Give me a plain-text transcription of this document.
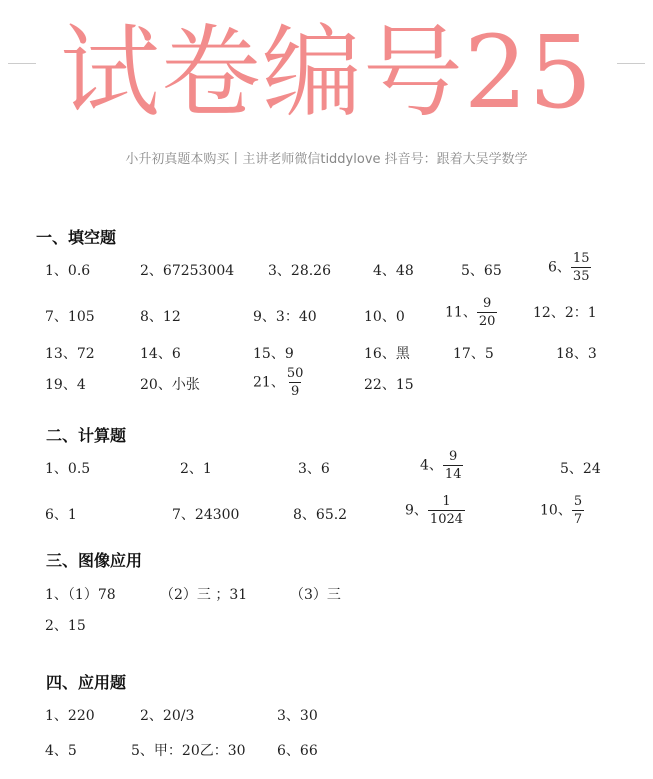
试卷编号25
小升初真题本购买丨主讲老师微信tiddylove 抖音号：跟着大吴学数学
一、填空题
1、0.6	2、67253004 3、28.26	4、48	5、65	6、 $\frac{15}{35}$
7、105	8、12	9、3：40	10、0	11、 $\frac{9}{20}$	12、2：1
13、72	14、6	15、9	16、黑	17、5	18、3
19、4	20、小张	21、 $\frac{50}{9}$	22、15
二、计算题
1、0.5	2、1	3、6	4、 $\frac{9}{14}$	5、24
6、1	7、24300	8、65.2	9、 $\frac{1}{1024}$	10、 $\frac{5}{7}$
三、图像应用
1、（1）78	（2）三 ；31	（3）三
2、15
四、应用题
1、220	2、20/3	3、30
4、5	5、甲：20乙：30 6、66
